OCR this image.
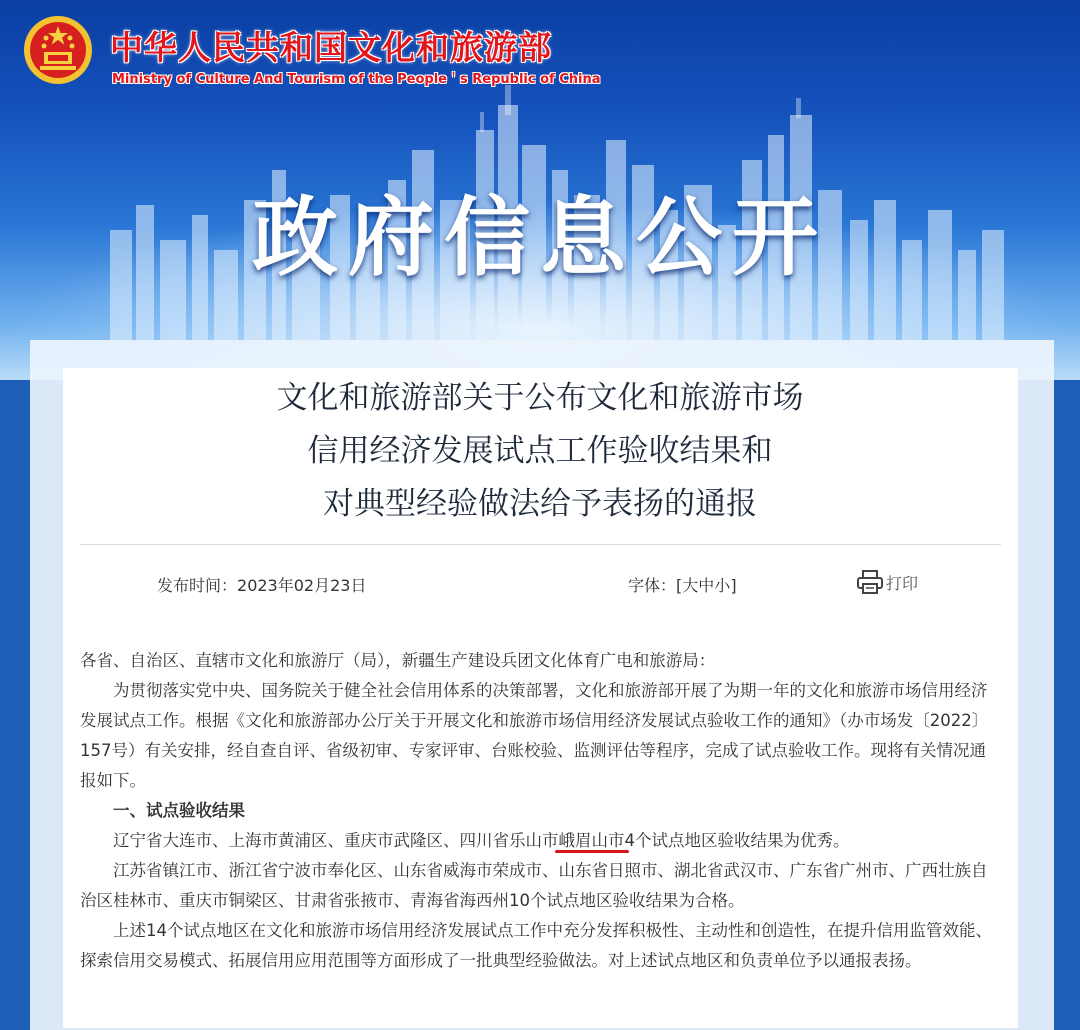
中华人民共和国文化和旅游部
Ministry of Culture And Tourism of the People＇s Republic of China
政府信息公开
文化和旅游部关于公布文化和旅游市场
信用经济发展试点工作验收结果和
对典型经验做法给予表扬的通报
发布时间：2023年02月23日	字体：[大中小]	打印

各省、自治区、直辖市文化和旅游厅（局），新疆生产建设兵团文化体育广电和旅游局：

为贯彻落实党中央、国务院关于健全社会信用体系的决策部署，文化和旅游部开展了为期一年的文化和旅游市场信用经济发展试点工作。根据《文化和旅游部办公厅关于开展文化和旅游市场信用经济发展试点验收工作的通知》（办市场发〔2022〕157号）有关安排，经自查自评、省级初审、专家评审、台账校验、监测评估等程序，完成了试点验收工作。现将有关情况通报如下。

一、试点验收结果

辽宁省大连市、上海市黄浦区、重庆市武隆区、四川省乐山市峨眉山市4个试点地区验收结果为优秀。

江苏省镇江市、浙江省宁波市奉化区、山东省威海市荣成市、山东省日照市、湖北省武汉市、广东省广州市、广西壮族自治区桂林市、重庆市铜梁区、甘肃省张掖市、青海省海西州10个试点地区验收结果为合格。

上述14个试点地区在文化和旅游市场信用经济发展试点工作中充分发挥积极性、主动性和创造性，在提升信用监管效能、探索信用交易模式、拓展信用应用范围等方面形成了一批典型经验做法。对上述试点地区和负责单位予以通报表扬。
